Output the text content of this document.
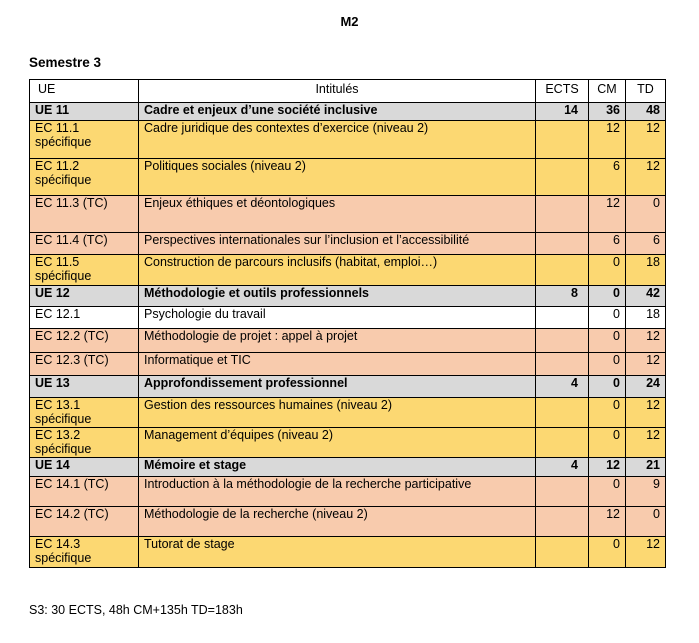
M2
Semestre 3
UE	Intitulés	ECTS	CM	TD
UE 11	Cadre et enjeux d’une société inclusive	14	36	48
EC 11.1 spécifique	Cadre juridique des contextes d’exercice (niveau 2)		12	12
EC 11.2 spécifique	Politiques sociales (niveau 2)		6	12
EC 11.3 (TC)	Enjeux éthiques et déontologiques		12	0
EC 11.4 (TC)	Perspectives internationales sur l’inclusion et l’accessibilité		6	6
EC 11.5 spécifique	Construction de parcours inclusifs (habitat, emploi…)		0	18
UE 12	Méthodologie et outils professionnels	8	0	42
EC 12.1	Psychologie du travail		0	18
EC 12.2 (TC)	Méthodologie de projet : appel à projet		0	12
EC 12.3 (TC)	Informatique et TIC		0	12
UE 13	Approfondissement professionnel	4	0	24
EC 13.1 spécifique	Gestion des ressources humaines (niveau 2)		0	12
EC 13.2 spécifique	Management d’équipes (niveau 2)		0	12
UE 14	Mémoire et stage	4	12	21
EC 14.1 (TC)	Introduction à la méthodologie de la recherche participative		0	9
EC 14.2 (TC)	Méthodologie de la recherche (niveau 2)		12	0
EC 14.3 spécifique	Tutorat de stage		0	12
S3: 30 ECTS, 48h CM+135h TD=183h
